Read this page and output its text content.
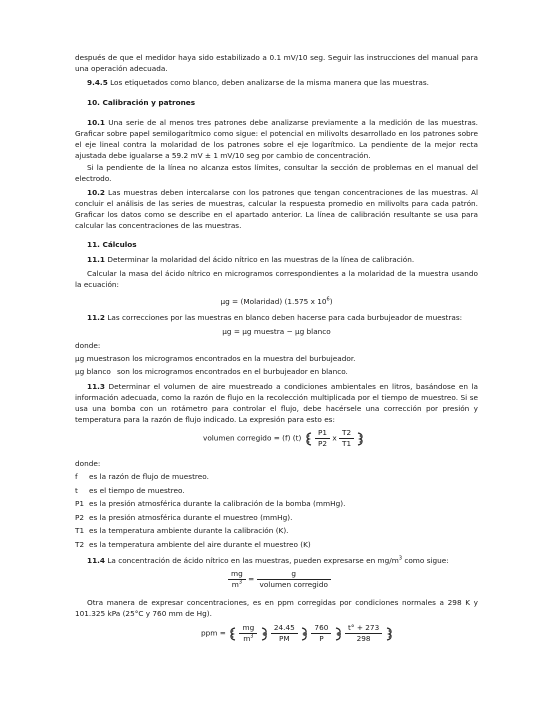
después de que el medidor haya sido estabilizado a 0.1 mV/10 seg. Seguir las instrucciones del manual para una operación adecuada.
9.4.5 Los etiquetados como blanco, deben analizarse de la misma manera que las muestras.
10. Calibración y patrones
10.1 Una serie de al menos tres patrones debe analizarse previamente a la medición de las muestras. Graficar sobre papel semilogarítmico como sigue: el potencial en milivolts desarrollado en los patrones sobre el eje lineal contra la molaridad de los patrones sobre el eje logarítmico. La pendiente de la mejor recta ajustada debe igualarse a 59.2 mV ± 1 mV/10 seg por cambio de concentración.
Si la pendiente de la línea no alcanza estos límites, consultar la sección de problemas en el manual del electrodo.
10.2 Las muestras deben intercalarse con los patrones que tengan concentraciones de las muestras. Al concluir el análisis de las series de muestras, calcular la respuesta promedio en milivolts para cada patrón. Graficar los datos como se describe en el apartado anterior. La línea de calibración resultante se usa para calcular las concentraciones de las muestras.
11. Cálculos
11.1 Determinar la molaridad del ácido nítrico en las muestras de la línea de calibración.
Calcular la masa del ácido nítrico en microgramos correspondientes a la molaridad de la muestra usando la ecuación:
µg = (Molaridad) (1.575 x $10^6$)
11.2 Las correcciones por las muestras en blanco deben hacerse para cada burbujeador de muestras:
µg = µg muestra − µg blanco
donde:
µg muestrason los microgramos encontrados en la muestra del burbujeador.
µg blanco son los microgramos encontrados en el burbujeador en blanco.
11.3 Determinar el volumen de aire muestreado a condiciones ambientales en litros, basándose en la información adecuada, como la razón de flujo en la recolección multiplicada por el tiempo de muestreo. Si se usa una bomba con un rotámetro para controlar el flujo, debe hacérsele una corrección por presión y temperatura para la razón de flujo indicado. La expresión para esto es:
volumen corregido = (f) $(t) \frac{P1}{P2}$ x $\frac{T2}{T1}$

donde:
f es la razón de flujo de muestreo.
t es el tiempo de muestreo.
P1 es la presión atmosférica durante la calibración de la bomba (mmHg).
P2 es la presión atmosférica durante el muestreo (mmHg).
T1 es la temperatura ambiente durante la calibración (K).
T2 es la temperatura ambiente del aire durante el muestreo (K)
11.4 La concentración de ácido nítrico en las muestras, pueden expresarse en $mg/m^3$ como sigue:
$\frac{mg}{m^3} = \frac{g}{\text{volumen corregido}}$
Otra manera de expresar concentraciones, es en ppm corregidas por condiciones normales a 298 K y 101.325 kPa (25°C y 760 mm de Hg).
ppm = $\frac{mg}{m^3}$
$\frac{24.45}{PM}$
$\frac{760}{P}$
$\frac{t^\circ + 273}{298}$
